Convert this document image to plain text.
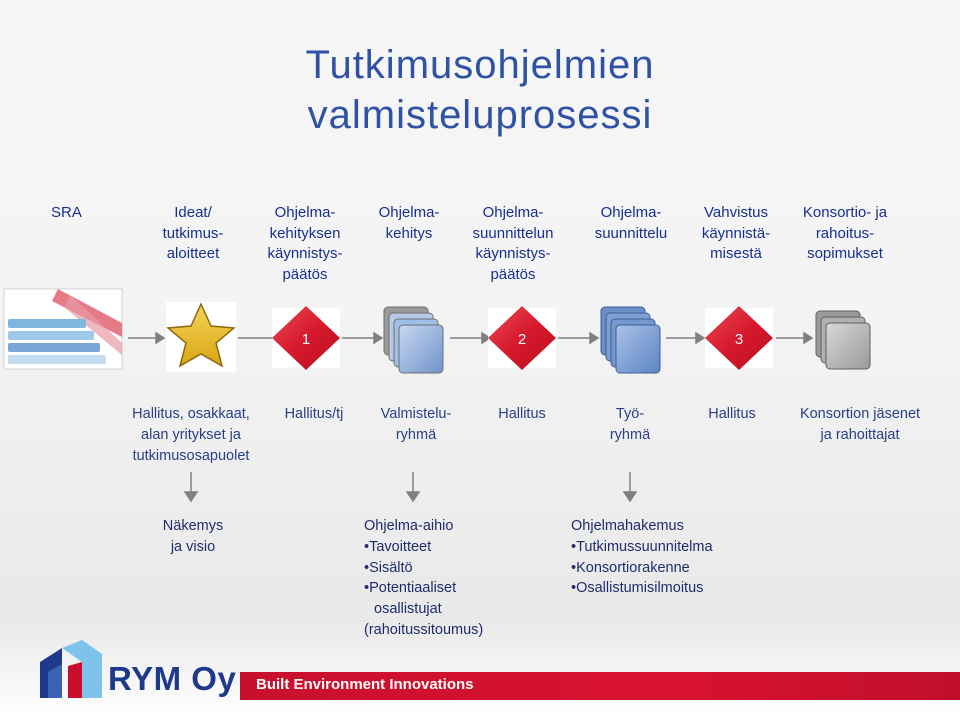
Tutkimusohjelmien
valmisteluprosessi
SRA	Ideat/
tutkimus-
aloitteet
Ohjelma-
kehityksen
käynnistys-
päätös
Ohjelma-
kehitys
Ohjelma-
suunnittelun
käynnistys-
päätös
Ohjelma-
suunnittelu
Vahvistus
käynnistä-
misestä
Konsortio- ja
rahoitus-
sopimukset
1	2	3
Hallitus, osakkaat,
alan yritykset ja
tutkimusosapuolet
Hallitus/tj	Valmistelu-
ryhmä
Hallitus	Työ-
ryhmä
Hallitus	Konsortion jäsenet
ja rahoittajat
Näkemys
ja visio
Ohjelma-aihio
• Tavoitteet
• Sisältö
• Potentiaaliset
osallistujat
(rahoitussitoumus)
Ohjelmahakemus
• Tutkimussuunnitelma
• Konsortiorakenne
• Osallistumisilmoitus
RYM Oy Built Environment Innovations
